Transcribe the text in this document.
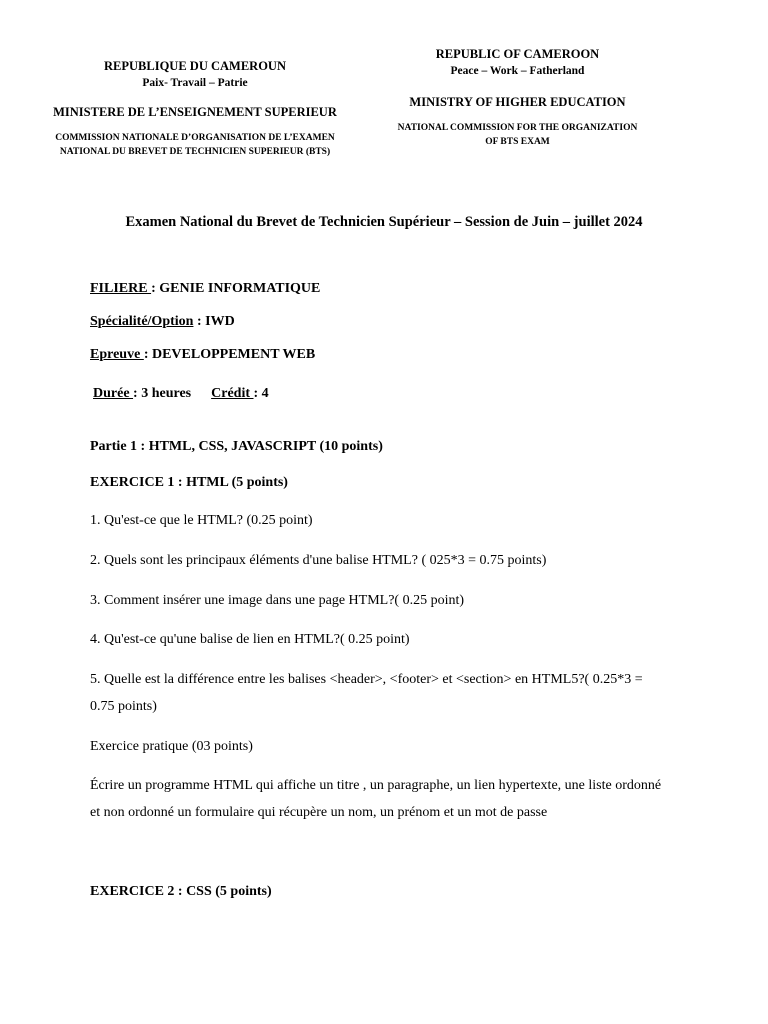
REPUBLIQUE DU CAMEROUN
Paix- Travail – Patrie
MINISTERE DE L’ENSEIGNEMENT SUPERIEUR
COMMISSION NATIONALE D’ORGANISATION DE L’EXAMEN
NATIONAL DU BREVET DE TECHNICIEN SUPERIEUR (BTS)
REPUBLIC OF CAMEROON
Peace – Work – Fatherland
MINISTRY OF HIGHER EDUCATION
NATIONAL COMMISSION FOR THE ORGANIZATION
OF BTS EXAM
Examen National du Brevet de Technicien Supérieur – Session de Juin – juillet 2024
FILIERE : GENIE INFORMATIQUE
Spécialité/Option : IWD
Epreuve : DEVELOPPEMENT WEB
Durée : 3 heures Crédit : 4
Partie 1 : HTML, CSS, JAVASCRIPT (10 points)
EXERCICE 1 : HTML (5 points)
1. Qu'est-ce que le HTML? (0.25 point)
2. Quels sont les principaux éléments d'une balise HTML? ( 025*3 = 0.75 points)
3. Comment insérer une image dans une page HTML?( 0.25 point)
4. Qu'est-ce qu'une balise de lien en HTML?( 0.25 point)
5. Quelle est la différence entre les balises <header>, <footer> et <section> en HTML5?( 0.25*3 = 0.75 points)
Exercice pratique (03 points)
Écrire un programme HTML qui affiche un titre , un paragraphe, un lien hypertexte, une liste ordonné et non ordonné un formulaire qui récupère un nom, un prénom et un mot de passe
EXERCICE 2 : CSS (5 points)
